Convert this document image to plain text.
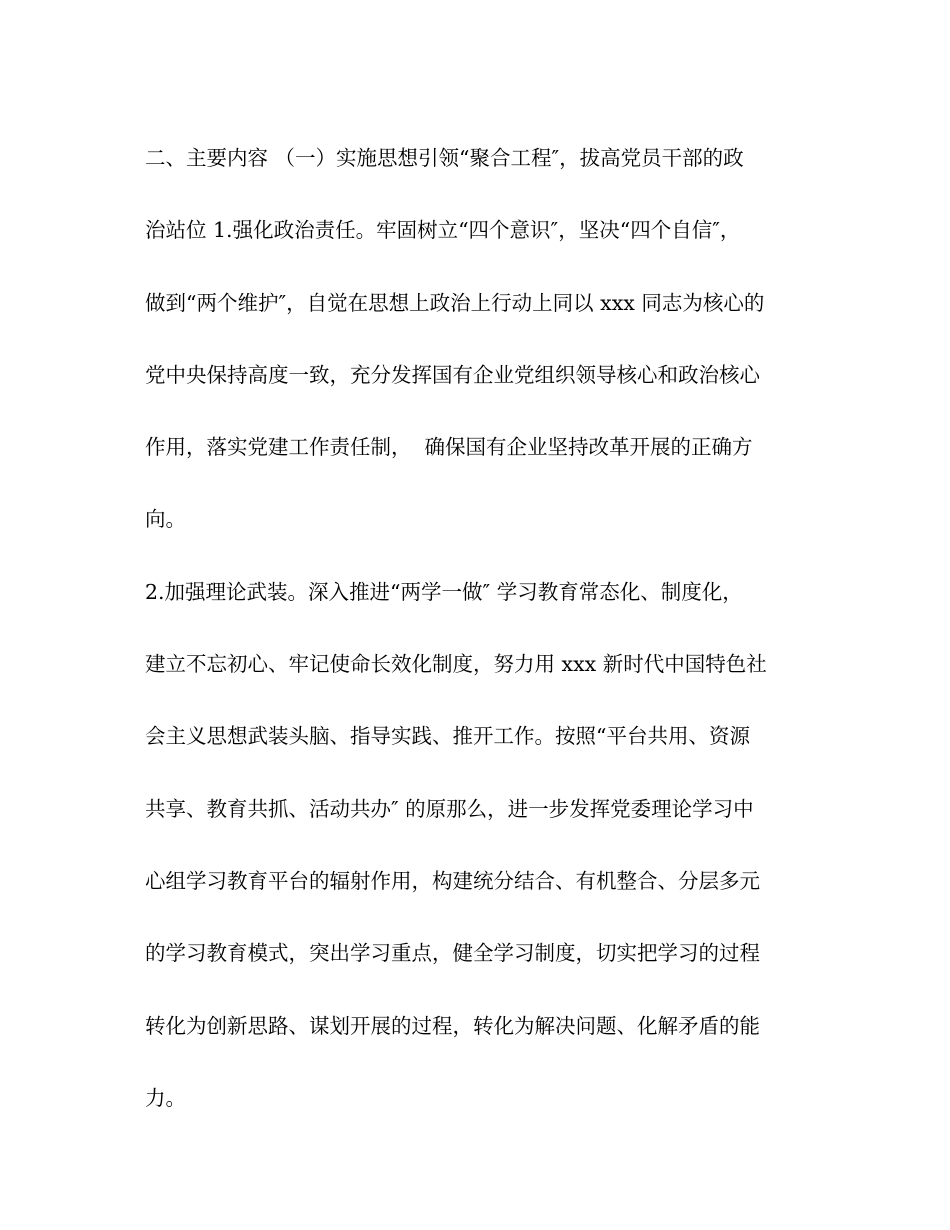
二、主要内容 （一）实施思想引领“聚合工程″，拔高党员干部的政
治站位 1.强化政治责任。牢固树立“四个意识″，坚决“四个自信″，
做到“两个维护″，自觉在思想上政治上行动上同以 xxx 同志为核心的
党中央保持高度一致，充分发挥国有企业党组织领导核心和政治核心
作用，落实党建工作责任制，  确保国有企业坚持改革开展的正确方
向。
2.加强理论武装。深入推进“两学一做″ 学习教育常态化、制度化，
建立不忘初心、牢记使命长效化制度，努力用 xxx 新时代中国特色社
会主义思想武装头脑、指导实践、推开工作。按照“平台共用、资源
共享、教育共抓、活动共办″ 的原那么，进一步发挥党委理论学习中
心组学习教育平台的辐射作用，构建统分结合、有机整合、分层多元
的学习教育模式，突出学习重点，健全学习制度，切实把学习的过程
转化为创新思路、谋划开展的过程，转化为解决问题、化解矛盾的能
力。
